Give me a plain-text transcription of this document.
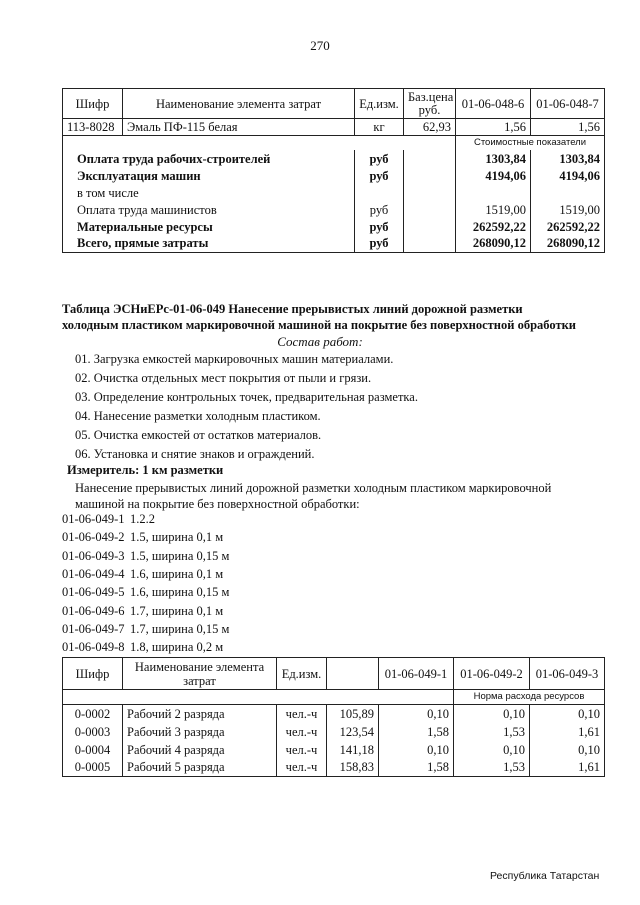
270
Шифр	Наименование элемента затрат	Ед.изм.	Баз.цена руб.	01-06-048-6	01-06-048-7
113-8028	Эмаль ПФ-115 белая	кг	62,93	1,56	1,56
				Стоимостные показатели	
Оплата труда рабочих-строителей		руб		1303,84	1303,84
Эксплуатация машин		руб		4194,06	4194,06
в том числе					
Оплата труда машинистов		руб		1519,00	1519,00
Материальные ресурсы		руб		262592,22	262592,22
Всего, прямые затраты		руб		268090,12	268090,12
Таблица ЭСНиЕРс-01-06-049 Нанесение прерывистых линий дорожной разметки
холодным пластиком маркировочной машиной на покрытие без поверхностной обработки
Состав работ:
01. Загрузка емкостей маркировочных машин материалами.
02. Очистка отдельных мест покрытия от пыли и грязи.
03. Определение контрольных точек, предварительная разметка.
04. Нанесение разметки холодным пластиком.
05. Очистка емкостей от остатков материалов.
06. Установка и снятие знаков и ограждений.
Измеритель: 1 км разметки
Нанесение прерывистых линий дорожной разметки холодным пластиком маркировочной
машиной на покрытие без поверхностной обработки:
01-06-049-1 1.2.2
01-06-049-2 1.5, ширина 0,1 м
01-06-049-3 1.5, ширина 0,15 м
01-06-049-4 1.6, ширина 0,1 м
01-06-049-5 1.6, ширина 0,15 м
01-06-049-6 1.7, ширина 0,1 м
01-06-049-7 1.7, ширина 0,15 м
01-06-049-8 1.8, ширина 0,2 м
Шифр	Наименование элемента затрат	Ед.изм.		01-06-049-1	01-06-049-2	01-06-049-3
					Норма расхода ресурсов	
0-0002	Рабочий 2 разряда	чел.-ч	105,89	0,10	0,10	0,10
0-0003	Рабочий 3 разряда	чел.-ч	123,54	1,58	1,53	1,61
0-0004	Рабочий 4 разряда	чел.-ч	141,18	0,10	0,10	0,10
0-0005	Рабочий 5 разряда	чел.-ч	158,83	1,58	1,53	1,61
Республика Татарстан
